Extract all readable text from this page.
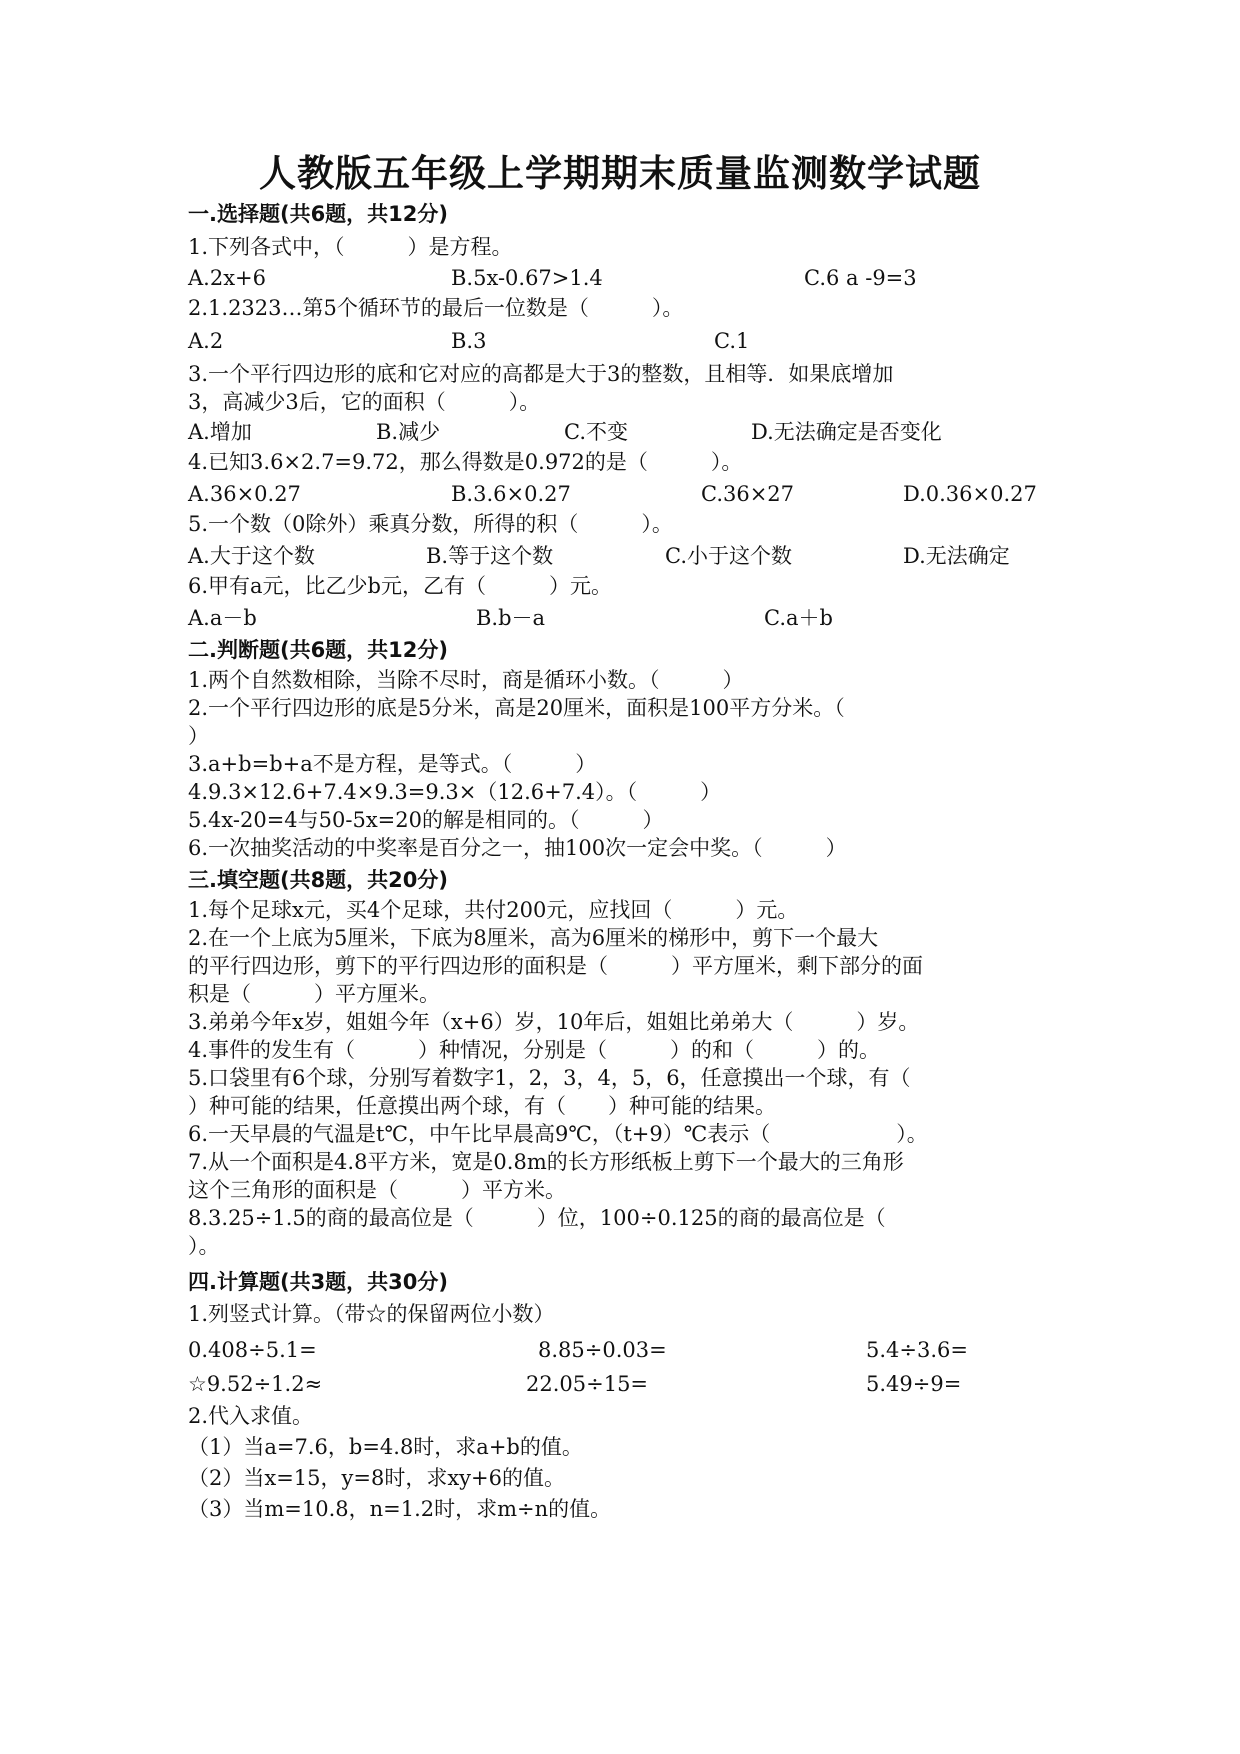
人教版五年级上学期期末质量监测数学试题
一.选择题(共6题，共12分)
1.下列各式中，（　　　）是方程。
A.2x+6	B.5x-0.67>1.4	C.6 a -9=3
2.1.2323…第5个循环节的最后一位数是（　　　）。
A.2	B.3	C.1
3.一个平行四边形的底和它对应的高都是大于3的整数，且相等．如果底增加
3，高减少3后，它的面积（　　　）。
A.增加	B.减少	C.不变	D.无法确定是否变化
4.已知3.6×2.7=9.72，那么得数是0.972的是（　　　）。
A.36×0.27	B.3.6×0.27	C.36×27	D.0.36×0.27
5.一个数（0除外）乘真分数，所得的积（　　　）。
A.大于这个数	B.等于这个数	C.小于这个数	D.无法确定
6.甲有a元，比乙少b元，乙有（　　　）元。
A.a－b	B.b－a	C.a＋b
二.判断题(共6题，共12分)
1.两个自然数相除，当除不尽时，商是循环小数。（　　　）
2.一个平行四边形的底是5分米，高是20厘米，面积是100平方分米。（
）
3.a+b=b+a不是方程，是等式。（　　　）
4.9.3×12.6+7.4×9.3=9.3×（12.6+7.4）。（　　　）
5.4x-20=4与50-5x=20的解是相同的。（　　　）
6.一次抽奖活动的中奖率是百分之一，抽100次一定会中奖。（　　　）
三.填空题(共8题，共20分)
1.每个足球x元，买4个足球，共付200元，应找回（　　　）元。
2.在一个上底为5厘米，下底为8厘米，高为6厘米的梯形中，剪下一个最大
的平行四边形，剪下的平行四边形的面积是（　　　）平方厘米，剩下部分的面
积是（　　　）平方厘米。
3.弟弟今年x岁，姐姐今年（x+6）岁，10年后，姐姐比弟弟大（　　　）岁。
4.事件的发生有（　　　）种情况，分别是（　　　）的和（　　　）的。
5.口袋里有6个球，分别写着数字1，2，3，4，5，6，任意摸出一个球，有（
）种可能的结果，任意摸出两个球，有（　　）种可能的结果。
6.一天早晨的气温是t℃，中午比早晨高9℃，（t+9）℃表示（　　　　　　）。
7.从一个面积是4.8平方米，宽是0.8m的长方形纸板上剪下一个最大的三角形
这个三角形的面积是（　　　）平方米。
8.3.25÷1.5的商的最高位是（　　　）位，100÷0.125的商的最高位是（
）。
四.计算题(共3题，共30分)
1.列竖式计算。（带☆的保留两位小数）
0.408÷5.1=	8.85÷0.03=	5.4÷3.6=
☆9.52÷1.2≈	22.05÷15=	5.49÷9=
2.代入求值。
（1）当a=7.6，b=4.8时，求a+b的值。
（2）当x=15，y=8时，求xy+6的值。
（3）当m=10.8，n=1.2时，求m÷n的值。
